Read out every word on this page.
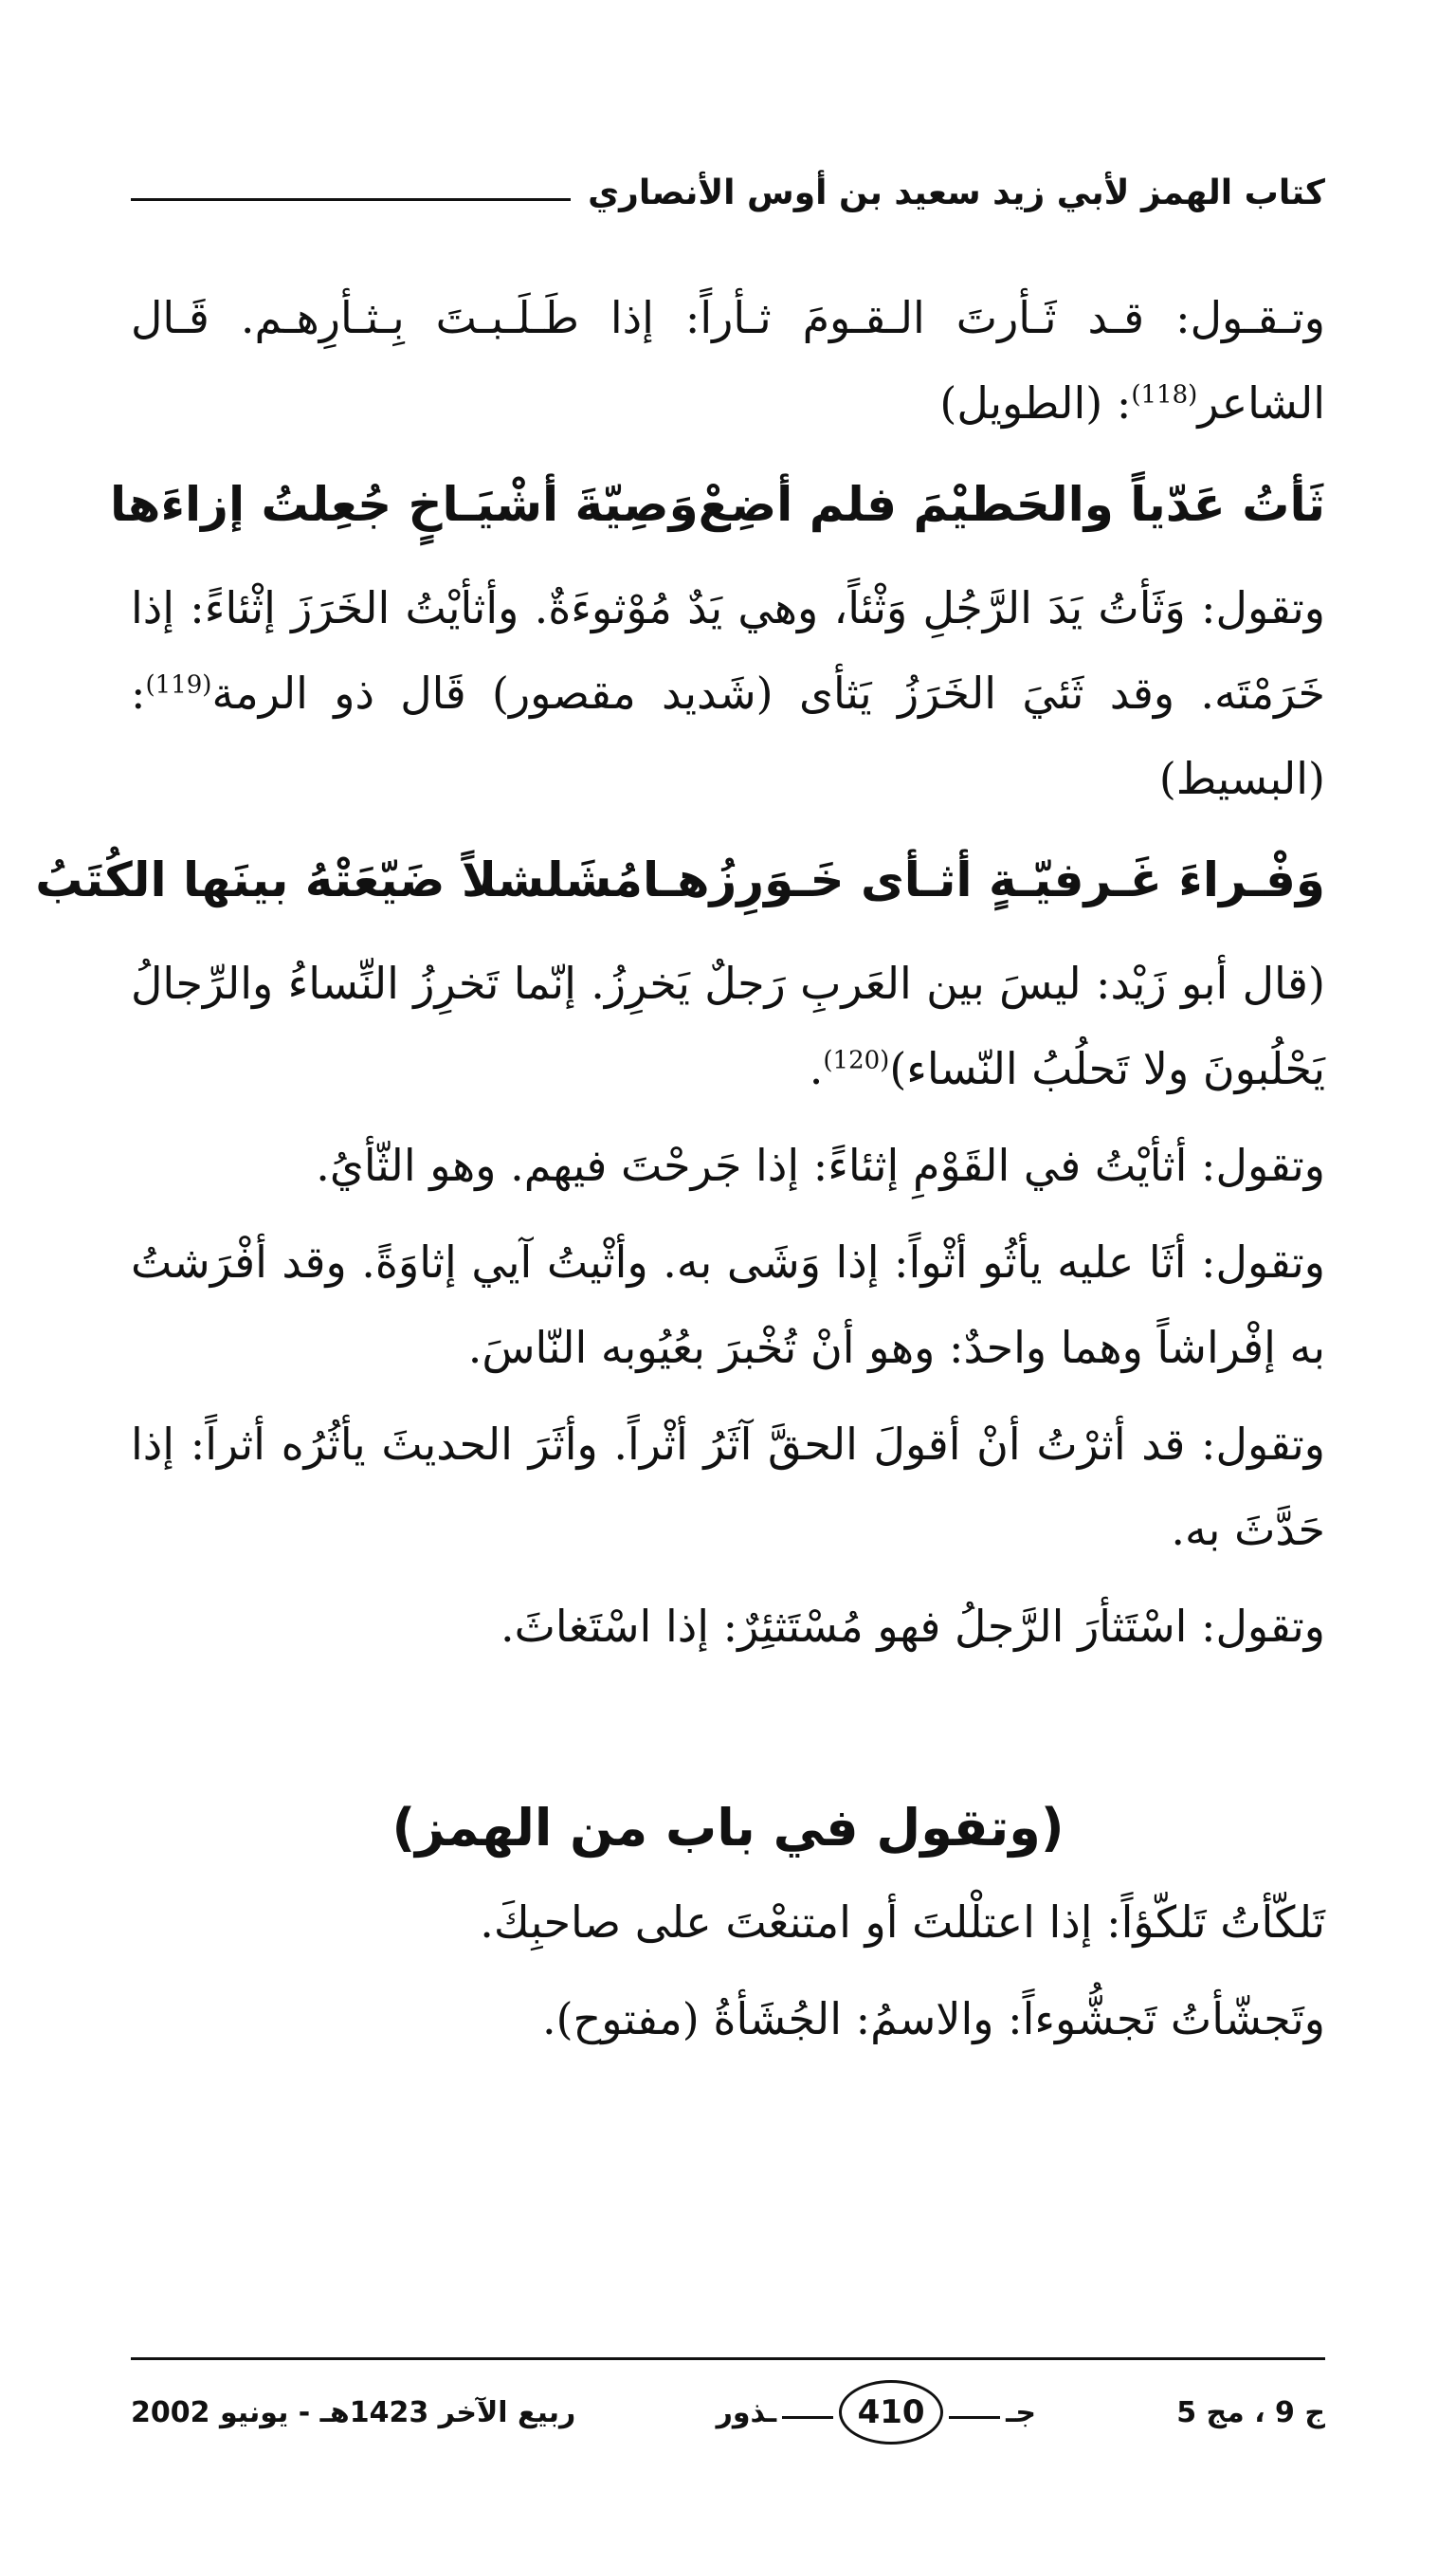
كتاب الهمز لأبي زيد سعيد بن أوس الأنصاري

وتـقـول: قـد ثَـأرتَ الـقـومَ ثـأراً: إذا طَـلَـبـتَ بِـثـأرِهـم. قَـال الشاعر$^{(118)}$: (الطويل)

ثَأتُ عَدّياً والحَطيْمَ فلم أضِعْ
وَصِيّةَ أشْيَـاخٍ جُعِلتُ إزاءَها

وتقول: وَثَأتُ يَدَ الرَّجُلِ وَثْئاً، وهي يَدٌ مُوْثوءَةٌ. وأثأيْتُ الخَرَزَ إثْئاءً: إذا خَرَمْتَه. وقد ثَئيَ الخَرَزُ يَثأى (شَديد مقصور) قَال ذو الرمة$^{(119)}$: (البسيط)

وَفْـراءَ غَـرفيّـةٍ أثـأى خَـوَرِزُهـا
مُشَلشلاً ضَيّعَتْهُ بينَها الكُتَبُ

(قال أبو زَيْد: ليسَ بين العَربِ رَجلٌ يَخرِزُ. إنّما تَخرِزُ النِّساءُ والرِّجالُ يَحْلُبونَ ولا تَحلُبُ النّساء)$^{(120)}$.

وتقول: أثأيْتُ في القَوْمِ إثئاءً: إذا جَرحْتَ فيهم. وهو الثّأيُ.

وتقول: أثَا عليه يأثُو أثْواً: إذا وَشَى به. وأثْيتُ آيي إثاوَةً. وقد أفْرَشتُ به إفْراشاً وهما واحدٌ: وهو أنْ تُخْبرَ بعُيُوبه النّاسَ.

وتقول: قد أثرْتُ أنْ أقولَ الحقَّ آثَرُ أثْراً. وأثَرَ الحديثَ يأثُرُه أثراً: إذا حَدَّثَ به.

وتقول: اسْتَثأرَ الرَّجلُ فهو مُسْتَثئِرٌ: إذا اسْتَغاثَ.

(وتقول في باب من الهمز)

تَلكّأتُ تَلكّؤاً: إذا اعتلْلتَ أو امتنعْتَ على صاحبِكَ.

وتَجشّأتُ تَجشُّوءاً: والاسمُ: الجُشَأةُ (مفتوح).

ج 9 ، مج 5
جـ
410
ـذور
ربيع الآخر 1423هـ - يونيو 2002
